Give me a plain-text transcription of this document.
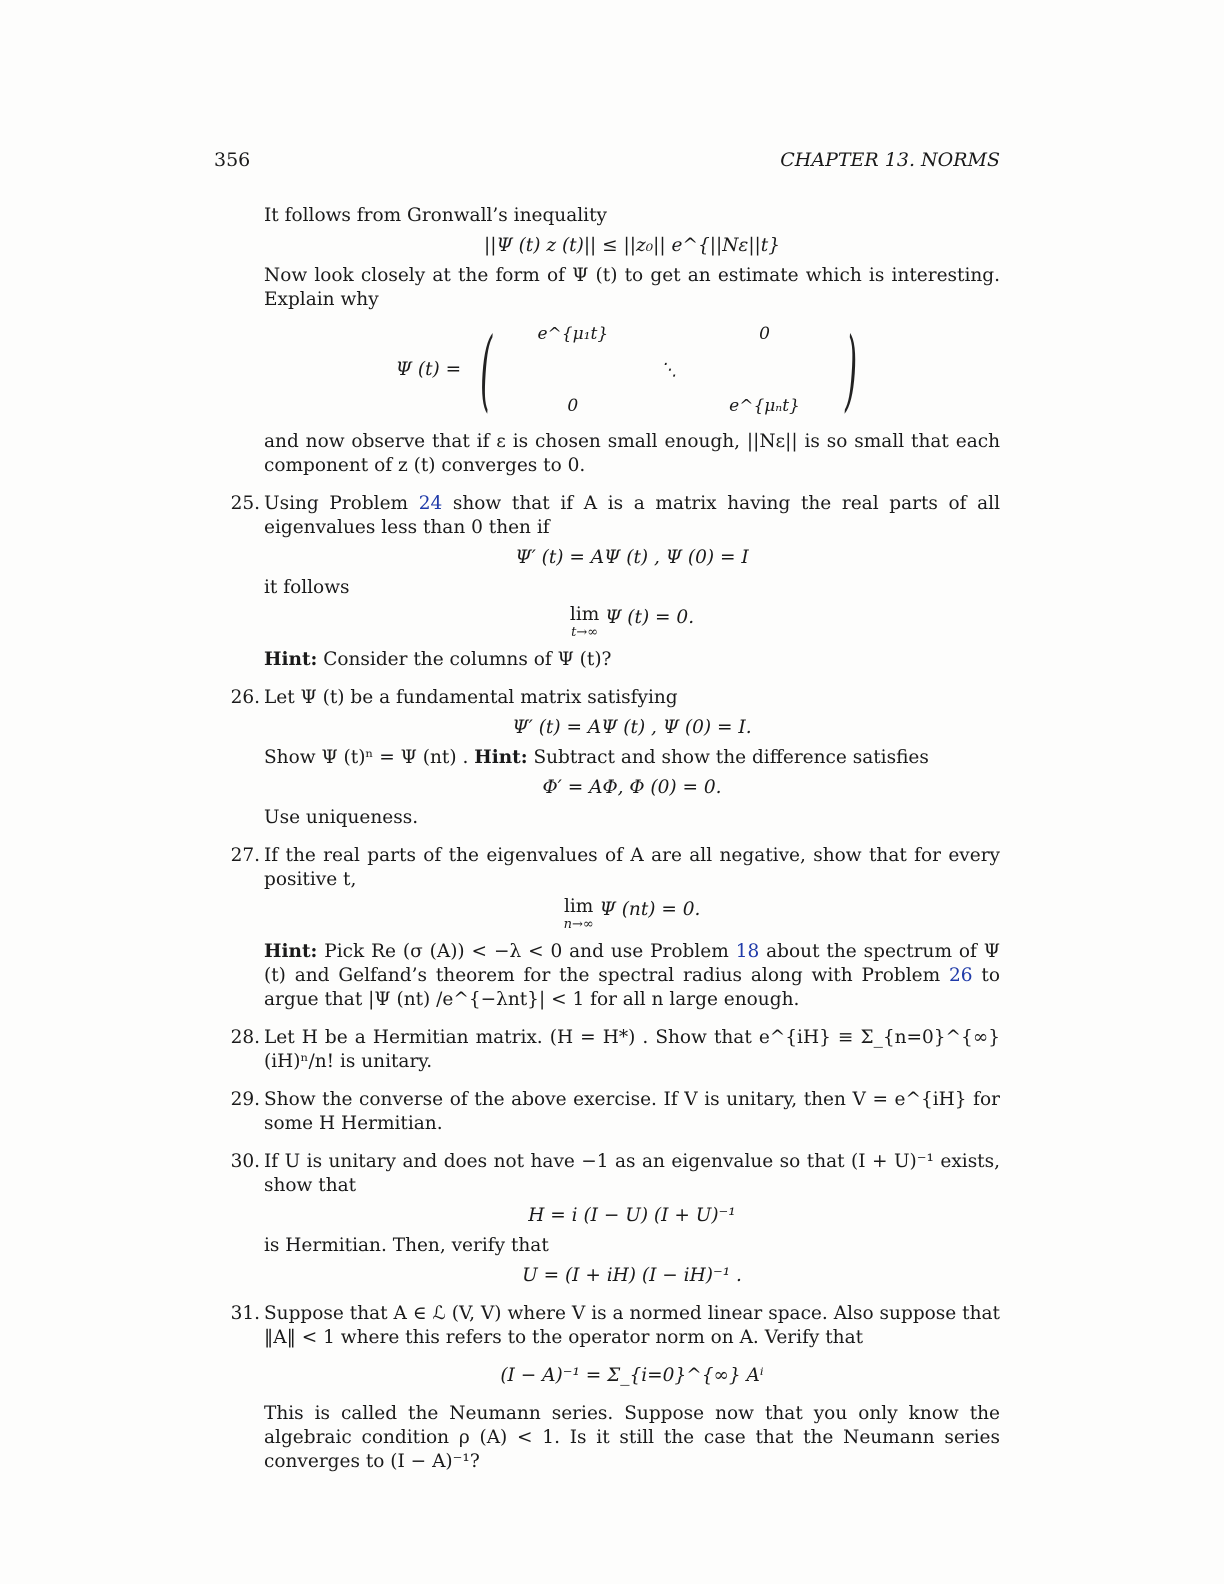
356	CHAPTER 13. NORMS

It follows from Gronwall’s inequality

||Ψ (t) z (t)|| ≤ ||z₀|| e^{||Nε||t}

Now look closely at the form of Ψ (t) to get an estimate which is interesting. Explain why

Ψ (t) = (	e^{μ₁t}		0
	⋱	
0		e^{μₙt} )

and now observe that if ε is chosen small enough, ||Nε|| is so small that each component of z (t) converges to 0.

25. Using Problem 24 show that if A is a matrix having the real parts of all eigenvalues less than 0 then if

Ψ′ (t) = AΨ (t) , Ψ (0) = I

it follows

lim
t→∞
Ψ (t) = 0.

Hint: Consider the columns of Ψ (t)?

26. Let Ψ (t) be a fundamental matrix satisfying

Ψ′ (t) = AΨ (t) , Ψ (0) = I.

Show Ψ (t)ⁿ = Ψ (nt) . Hint: Subtract and show the difference satisfies

Φ′ = AΦ, Φ (0) = 0.

Use uniqueness.

27. If the real parts of the eigenvalues of A are all negative, show that for every positive t,

lim
n→∞
Ψ (nt) = 0.

Hint: Pick Re (σ (A)) < −λ < 0 and use Problem 18 about the spectrum of Ψ (t) and Gelfand’s theorem for the spectral radius along with Problem 26 to argue that |Ψ (nt) /e^{−λnt}| < 1 for all n large enough.

28. Let H be a Hermitian matrix. (H = H*) . Show that e^{iH} ≡ Σ_{n=0}^{∞} (iH)ⁿ/n! is unitary.

29. Show the converse of the above exercise. If V is unitary, then V = e^{iH} for some H Hermitian.

30. If U is unitary and does not have −1 as an eigenvalue so that (I + U)⁻¹ exists, show that

H = i (I − U) (I + U)⁻¹

is Hermitian. Then, verify that

U = (I + iH) (I − iH)⁻¹ .
31. Suppose that A ∈ ℒ (V, V) where V is a normed linear space. Also suppose that ‖A‖ < 1 where this refers to the operator norm on A. Verify that

(I − A)⁻¹ = Σ_{i=0}^{∞} Aⁱ

This is called the Neumann series. Suppose now that you only know the algebraic condition ρ (A) < 1. Is it still the case that the Neumann series converges to (I − A)⁻¹?
